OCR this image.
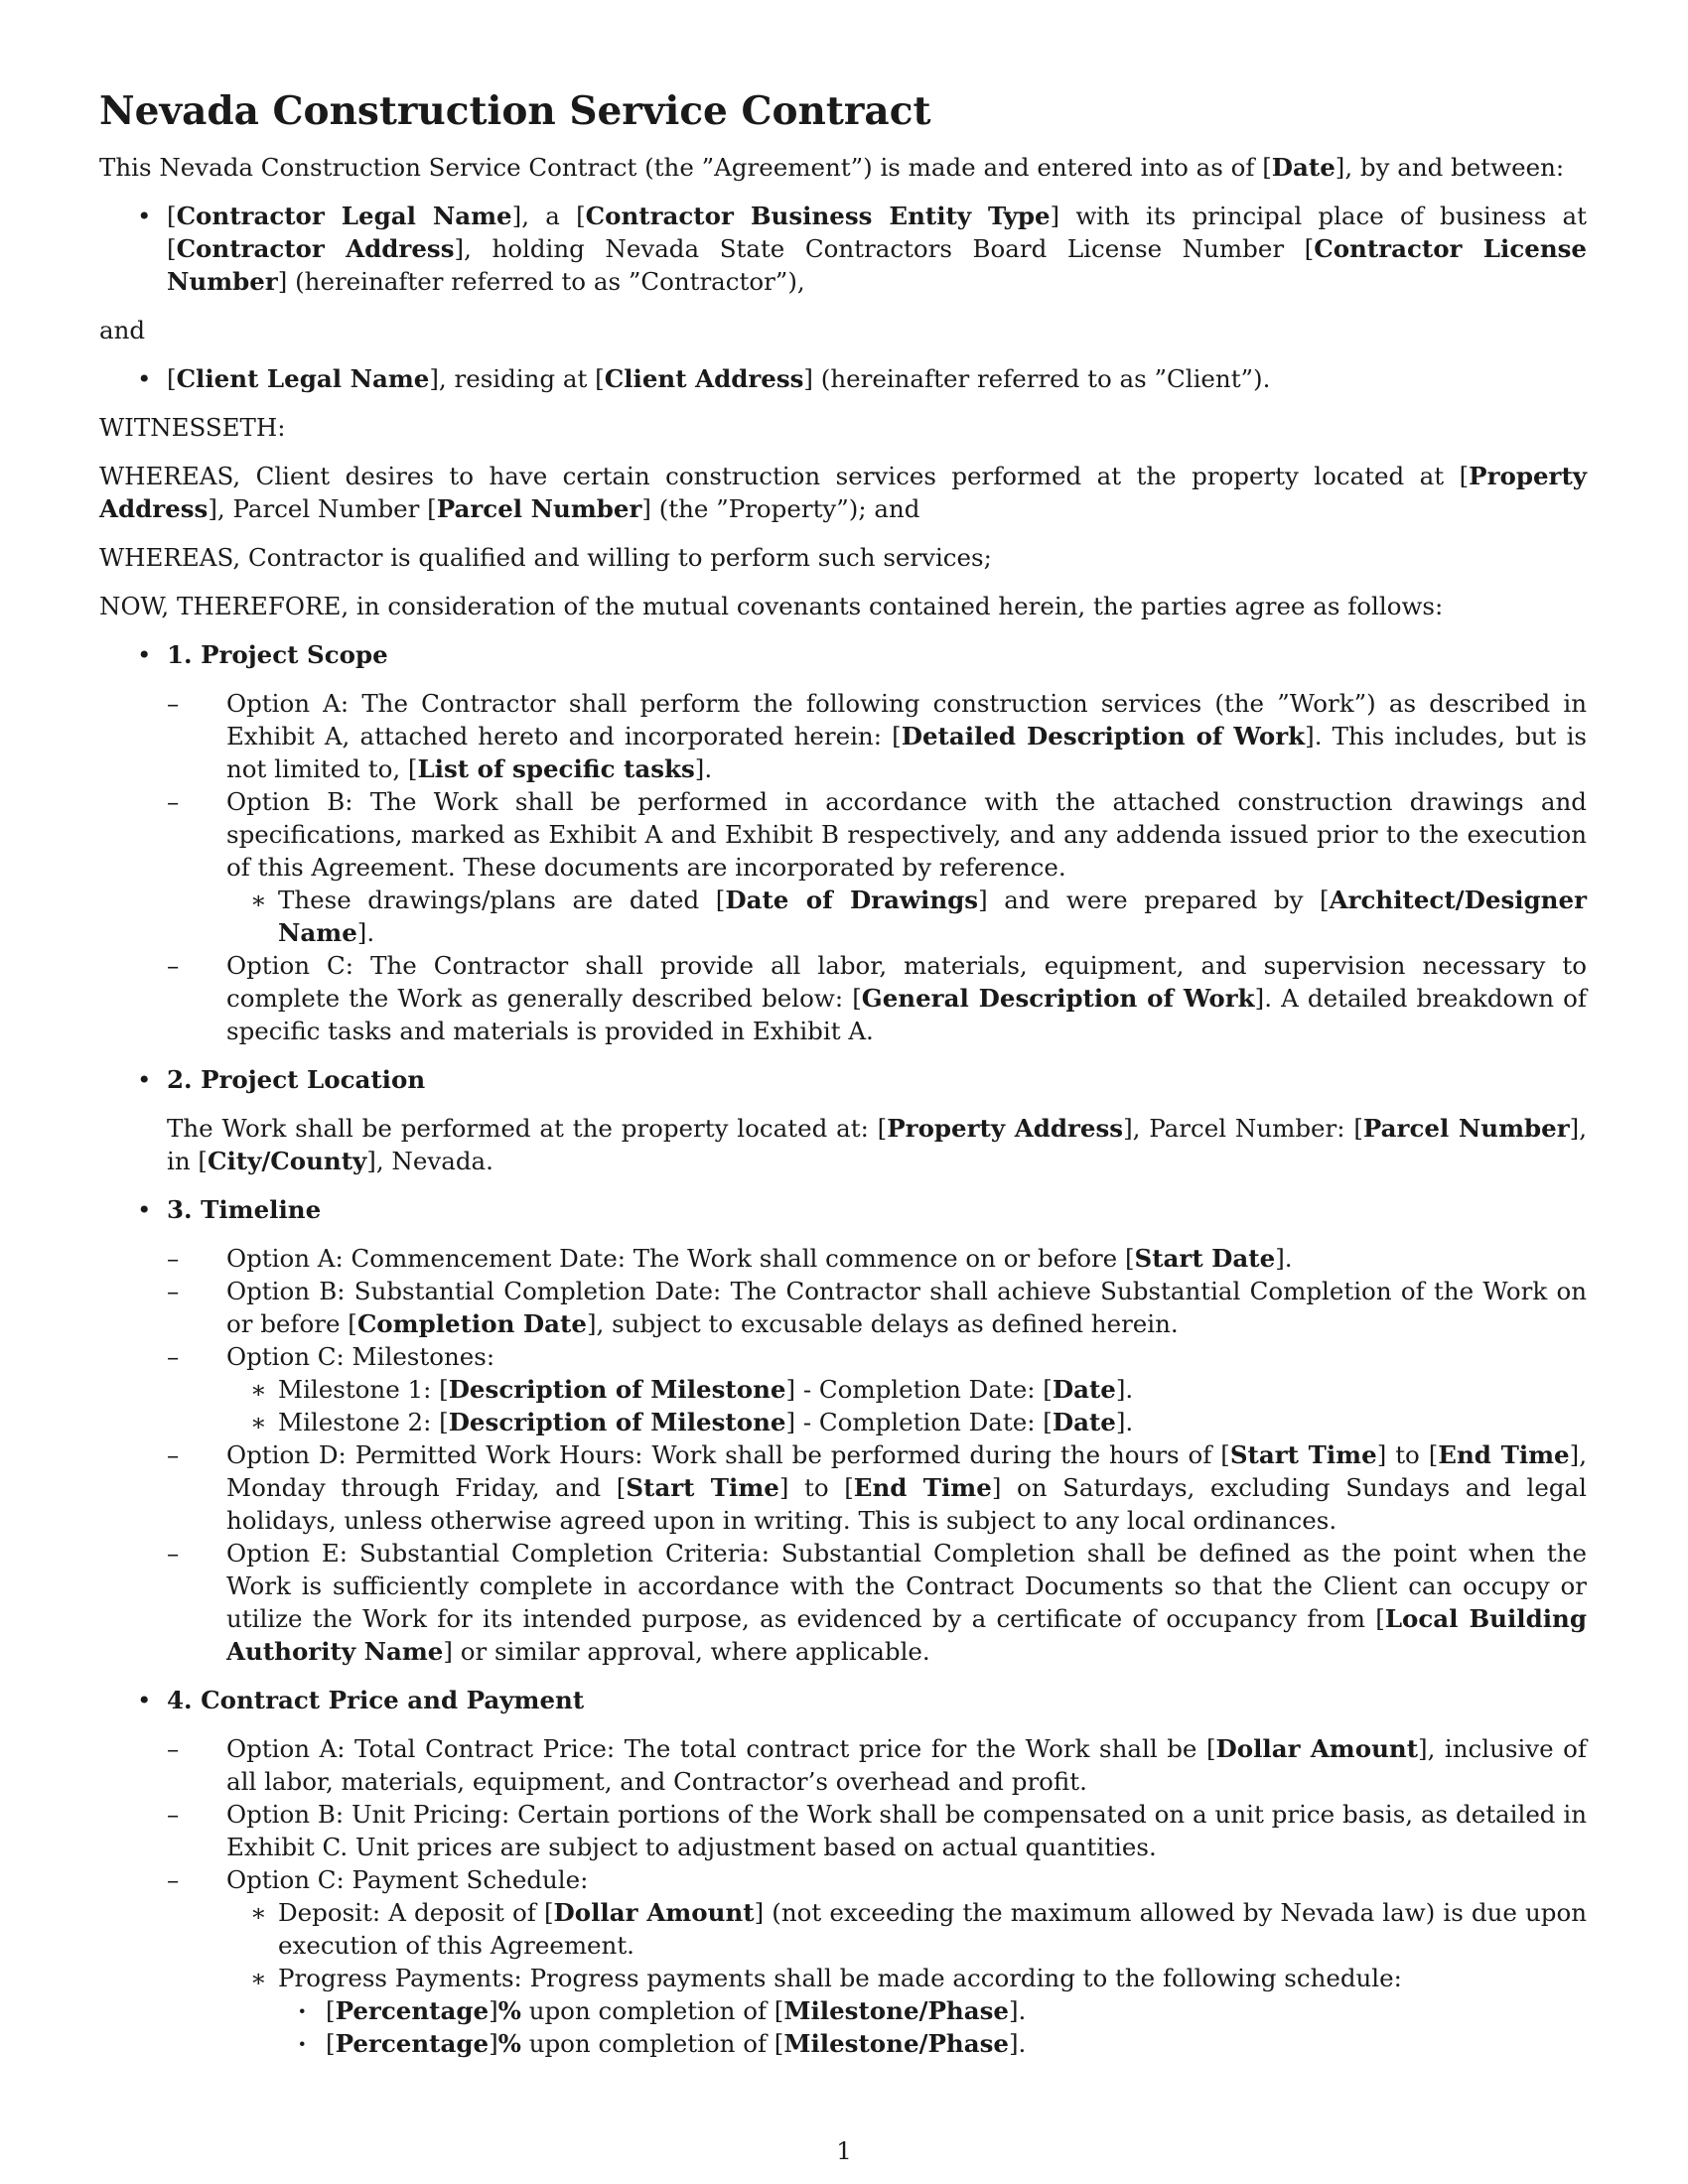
Nevada Construction Service Contract

This Nevada Construction Service Contract (the ”Agreement”) is made and entered into as of [Date], by and between:

• [Contractor Legal Name], a [Contractor Business Entity Type] with its principal place of business at [Contractor Address], holding Nevada State Contractors Board License Number [Contractor License Number] (hereinafter referred to as ”Contractor”),

and

• [Client Legal Name], residing at [Client Address] (hereinafter referred to as ”Client”).

WITNESSETH:

WHEREAS, Client desires to have certain construction services performed at the property located at [Property Address], Parcel Number [Parcel Number] (the ”Property”); and

WHEREAS, Contractor is qualified and willing to perform such services;

NOW, THEREFORE, in consideration of the mutual covenants contained herein, the parties agree as follows:

• 1. Project Scope
– Option A: The Contractor shall perform the following construction services (the ”Work”) as described in Exhibit A, attached hereto and incorporated herein: [Detailed Description of Work]. This includes, but is not limited to, [List of specific tasks].
– Option B: The Work shall be performed in accordance with the attached construction drawings and specifications, marked as Exhibit A and Exhibit B respectively, and any addenda issued prior to the execution of this Agreement. These documents are incorporated by reference.
∗ These drawings/plans are dated [Date of Drawings] and were prepared by [Architect/Designer Name].
– Option C: The Contractor shall provide all labor, materials, equipment, and supervision necessary to complete the Work as generally described below: [General Description of Work]. A detailed breakdown of specific tasks and materials is provided in Exhibit A.
• 2. Project Location
The Work shall be performed at the property located at: [Property Address], Parcel Number: [Parcel Number], in [City/County], Nevada.
• 3. Timeline
– Option A: Commencement Date: The Work shall commence on or before [Start Date].
– Option B: Substantial Completion Date: The Contractor shall achieve Substantial Completion of the Work on or before [Completion Date], subject to excusable delays as defined herein.
– Option C: Milestones:
∗ Milestone 1: [Description of Milestone] - Completion Date: [Date].
∗ Milestone 2: [Description of Milestone] - Completion Date: [Date].
– Option D: Permitted Work Hours: Work shall be performed during the hours of [Start Time] to [End Time], Monday through Friday, and [Start Time] to [End Time] on Saturdays, excluding Sundays and legal holidays, unless otherwise agreed upon in writing. This is subject to any local ordinances.
– Option E: Substantial Completion Criteria: Substantial Completion shall be defined as the point when the Work is sufficiently complete in accordance with the Contract Documents so that the Client can occupy or utilize the Work for its intended purpose, as evidenced by a certificate of occupancy from [Local Building Authority Name] or similar approval, where applicable.
• 4. Contract Price and Payment
– Option A: Total Contract Price: The total contract price for the Work shall be [Dollar Amount], inclusive of all labor, materials, equipment, and Contractor’s overhead and profit.
– Option B: Unit Pricing: Certain portions of the Work shall be compensated on a unit price basis, as detailed in Exhibit C. Unit prices are subject to adjustment based on actual quantities.
– Option C: Payment Schedule:
∗ Deposit: A deposit of [Dollar Amount] (not exceeding the maximum allowed by Nevada law) is due upon execution of this Agreement.
∗ Progress Payments: Progress payments shall be made according to the following schedule:
· [Percentage]% upon completion of [Milestone/Phase].
· [Percentage]% upon completion of [Milestone/Phase].
1
